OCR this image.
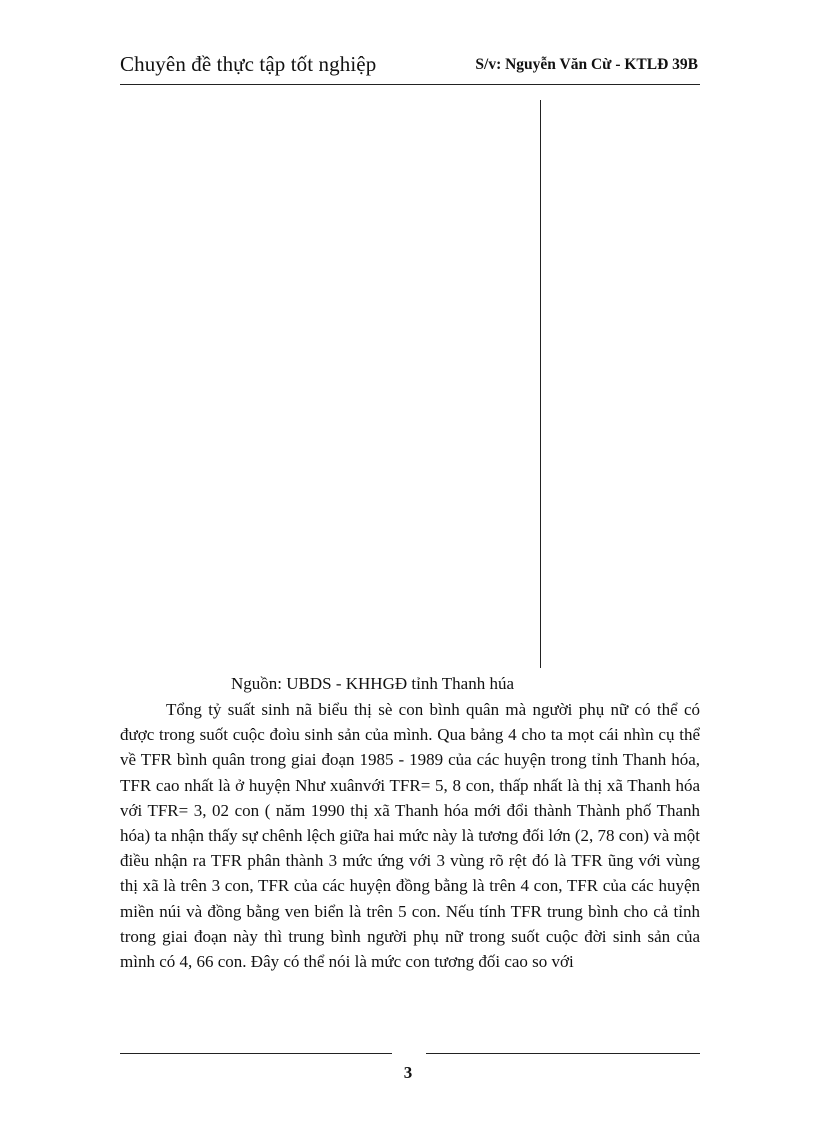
Chuyên đề thực tập tốt nghiệp	S/v: Nguyễn Văn Cừ - KTLĐ 39B
Nguồn: UBDS - KHHGĐ tỉnh Thanh húa

Tổng tỷ suất sinh nã biểu thị sè con bình quân mà người phụ nữ có thể có được trong suốt cuộc đoìu sinh sản của mình. Qua bảng 4 cho ta mọt cái nhìn cụ thể về TFR bình quân trong giai đoạn 1985 - 1989 của các huyện trong tỉnh Thanh hóa, TFR cao nhất là ở huyện Như xuânvới TFR= 5, 8 con, thấp nhất là thị xã Thanh hóa với TFR= 3, 02 con ( năm 1990 thị xã Thanh hóa mới đổi thành Thành phố Thanh hóa) ta nhận thấy sự chênh lệch giữa hai mức này là tương đối lớn (2, 78 con) và một điều nhận ra TFR phân thành 3 mức ứng với 3 vùng rõ rệt đó là TFR ũng với vùng thị xã là trên 3 con, TFR của các huyện đồng bằng là trên 4 con, TFR của các huyện miền núi và đồng bằng ven biển là trên 5 con. Nếu tính TFR trung bình cho cả tỉnh trong giai đoạn này thì trung bình người phụ nữ trong suốt cuộc đời sinh sản của mình có 4, 66 con. Đây có thể nói là mức con tương đối cao so với

3
